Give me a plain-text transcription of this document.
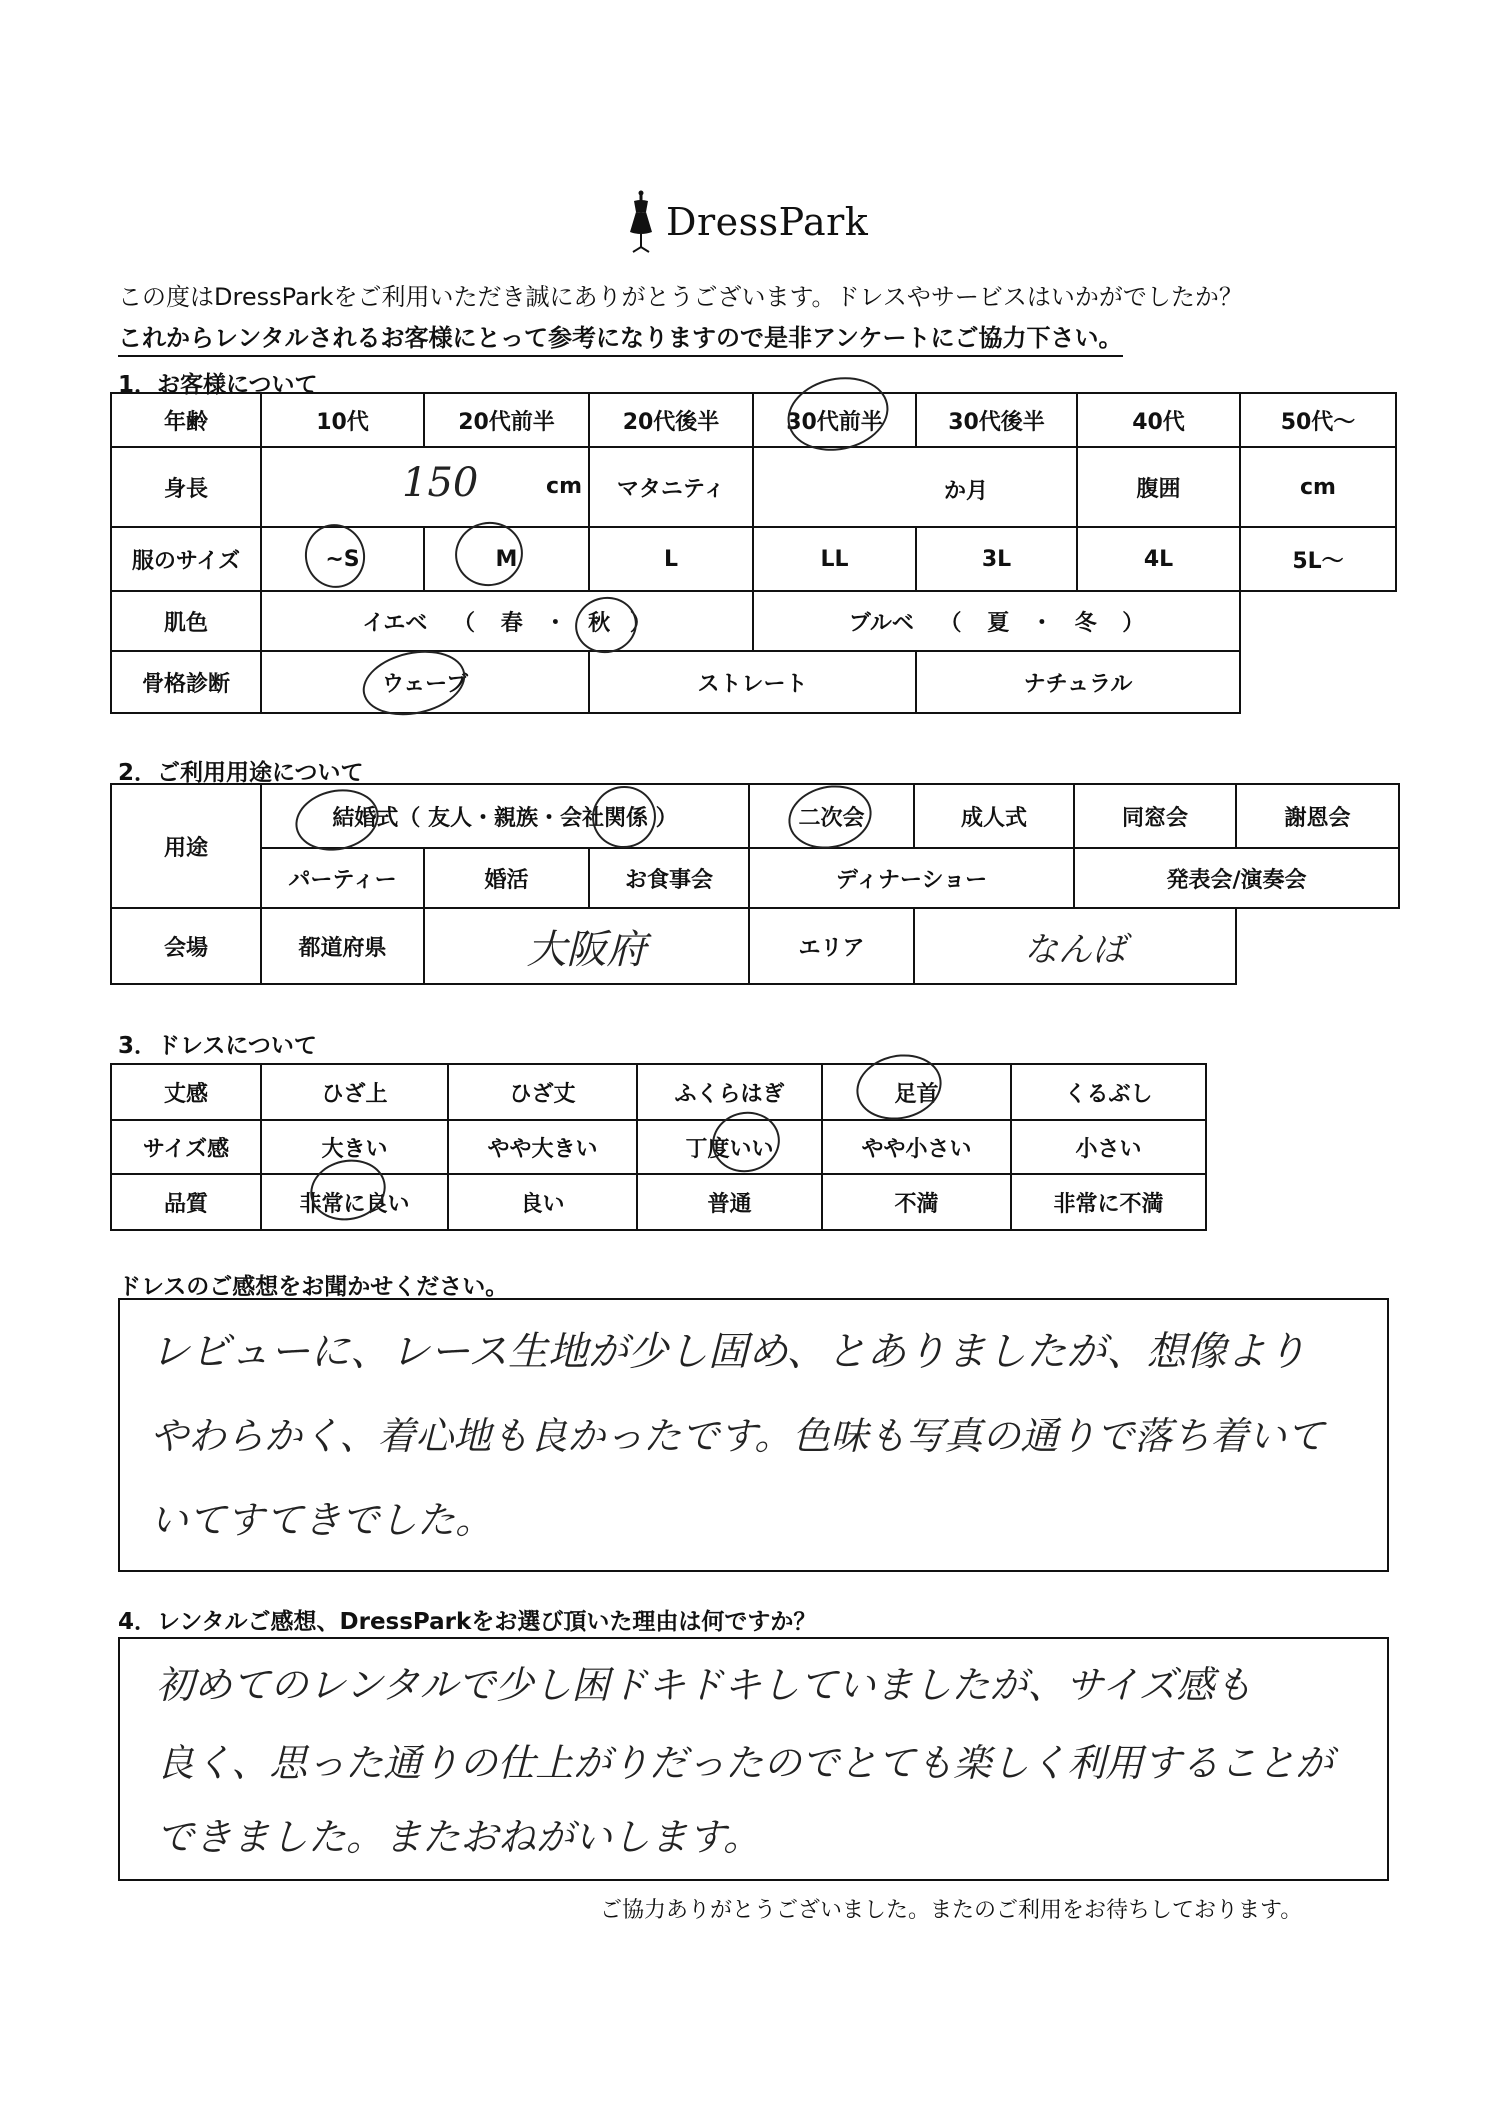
DressPark
この度はDressParkをご利用いただき誠にありがとうございます。ドレスやサービスはいかがでしたか？
これからレンタルされるお客様にとって参考になりますので是非アンケートにご協力下さい。
1．お客様について
年齢	10代	20代前半	20代後半	30代前半	30代後半	40代	50代～
身長	150 cm		マタニティ	か月		腹囲	cm
服のサイズ	~S	M	L	LL	3L	4L	5L～
肌色	イエベ （ 春 ・ 秋 ）			ブルベ （ 夏 ・ 冬 ）			
骨格診断	ウェーブ		ストレート		ナチュラル		
2．ご利用用途について
用途	結婚式（ 友人・親族・会社関係 ）			二次会	成人式	同窓会	謝恩会
	パーティー	婚活	お食事会	ディナーショー		発表会/演奏会	
会場	都道府県	大阪府		エリア	なんば		
3．ドレスについて
丈感	ひざ上	ひざ丈	ふくらはぎ	足首	くるぶし
サイズ感	大きい	やや大きい	丁度いい	やや小さい	小さい
品質	非常に良い	良い	普通	不満	非常に不満
ドレスのご感想をお聞かせください。
レビューに、レース生地が少し固め、とありましたが、想像より
やわらかく、着心地も良かったです。色味も写真の通りで落ち着いて
いてすてきでした。
4．レンタルご感想、DressParkをお選び頂いた理由は何ですか？
初めてのレンタルで少し困ドキドキしていましたが、サイズ感も
良く、思った通りの仕上がりだったのでとても楽しく利用することが
できました。またおねがいします。
ご協力ありがとうございました。またのご利用をお待ちしております。
